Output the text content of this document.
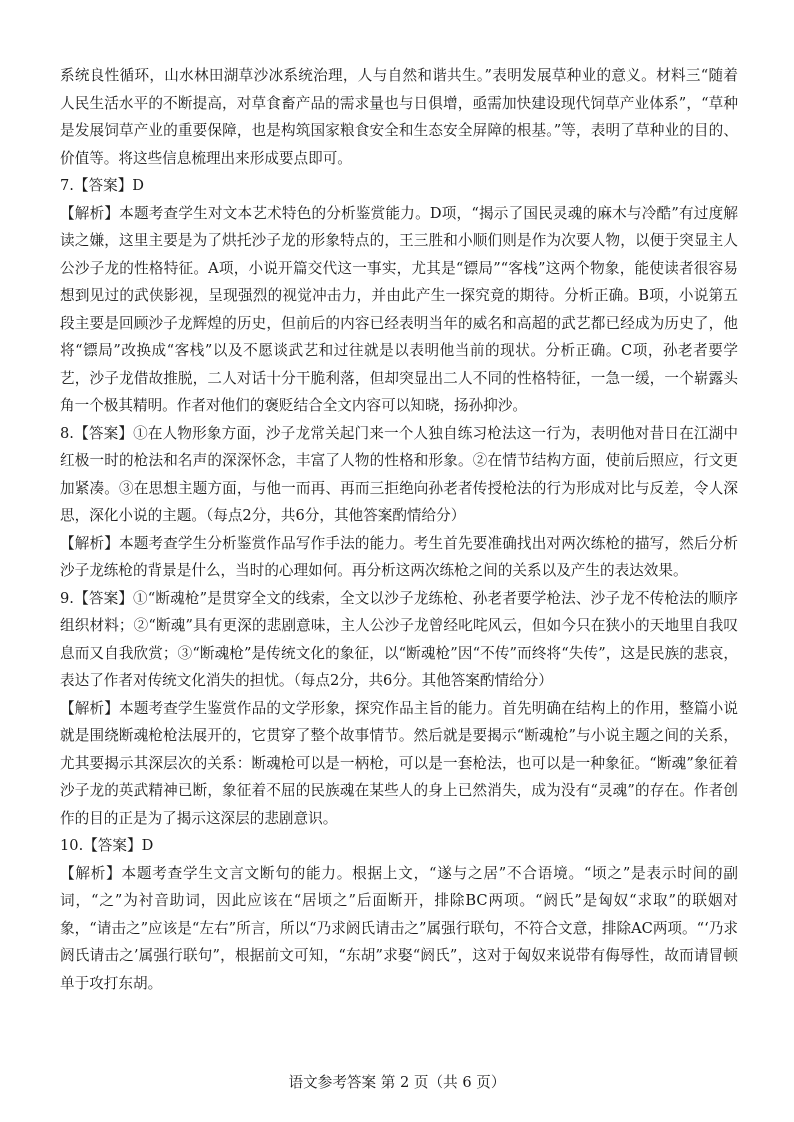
系统良性循环，山水林田湖草沙冰系统治理，人与自然和谐共生。”表明发展草种业的意义。材料三“随着人民生活水平的不断提高，对草食畜产品的需求量也与日俱增，亟需加快建设现代饲草产业体系”，“草种是发展饲草产业的重要保障，也是构筑国家粮食安全和生态安全屏障的根基。”等，表明了草种业的目的、价值等。将这些信息梳理出来形成要点即可。

7.【答案】D

【解析】本题考查学生对文本艺术特色的分析鉴赏能力。D项，“揭示了国民灵魂的麻木与冷酷”有过度解读之嫌，这里主要是为了烘托沙子龙的形象特点的，王三胜和小顺们则是作为次要人物，以便于突显主人公沙子龙的性格特征。A项，小说开篇交代这一事实，尤其是“镖局”“客栈”这两个物象，能使读者很容易想到见过的武侠影视，呈现强烈的视觉冲击力，并由此产生一探究竟的期待。分析正确。B项，小说第五段主要是回顾沙子龙辉煌的历史，但前后的内容已经表明当年的威名和高超的武艺都已经成为历史了，他将“镖局”改换成“客栈”以及不愿谈武艺和过往就是以表明他当前的现状。分析正确。C项，孙老者要学艺，沙子龙借故推脱，二人对话十分干脆利落，但却突显出二人不同的性格特征，一急一缓，一个崭露头角一个极其精明。作者对他们的褒贬结合全文内容可以知晓，扬孙抑沙。

8.【答案】①在人物形象方面，沙子龙常关起门来一个人独自练习枪法这一行为，表明他对昔日在江湖中红极一时的枪法和名声的深深怀念，丰富了人物的性格和形象。②在情节结构方面，使前后照应，行文更加紧凑。③在思想主题方面，与他一而再、再而三拒绝向孙老者传授枪法的行为形成对比与反差，令人深思，深化小说的主题。（每点2分，共6分，其他答案酌情给分）

【解析】本题考查学生分析鉴赏作品写作手法的能力。考生首先要准确找出对两次练枪的描写，然后分析沙子龙练枪的背景是什么，当时的心理如何。再分析这两次练枪之间的关系以及产生的表达效果。

9.【答案】①“断魂枪”是贯穿全文的线索，全文以沙子龙练枪、孙老者要学枪法、沙子龙不传枪法的顺序组织材料；②“断魂”具有更深的悲剧意味，主人公沙子龙曾经叱咤风云，但如今只在狭小的天地里自我叹息而又自我欣赏；③“断魂枪”是传统文化的象征，以“断魂枪”因“不传”而终将“失传”，这是民族的悲哀，表达了作者对传统文化消失的担忧。（每点2分，共6分。其他答案酌情给分）

【解析】本题考查学生鉴赏作品的文学形象，探究作品主旨的能力。首先明确在结构上的作用，整篇小说就是围绕断魂枪枪法展开的，它贯穿了整个故事情节。然后就是要揭示“断魂枪”与小说主题之间的关系，尤其要揭示其深层次的关系：断魂枪可以是一柄枪，可以是一套枪法，也可以是一种象征。“断魂”象征着沙子龙的英武精神已断，象征着不屈的民族魂在某些人的身上已然消失，成为没有“灵魂”的存在。作者创作的目的正是为了揭示这深层的悲剧意识。

10.【答案】D

【解析】本题考查学生文言文断句的能力。根据上文，“遂与之居”不合语境。“顷之”是表示时间的副词，“之”为衬音助词，因此应该在“居顷之”后面断开，排除BC两项。“阏氏”是匈奴“求取”的联姻对象，“请击之”应该是“左右”所言，所以“乃求阏氏请击之”属强行联句，不符合文意，排除AC两项。“‘乃求阏氏请击之’属强行联句”，根据前文可知，“东胡”求娶“阏氏”，这对于匈奴来说带有侮辱性，故而请冒顿单于攻打东胡。

语文参考答案 第 2 页（共 6 页）
